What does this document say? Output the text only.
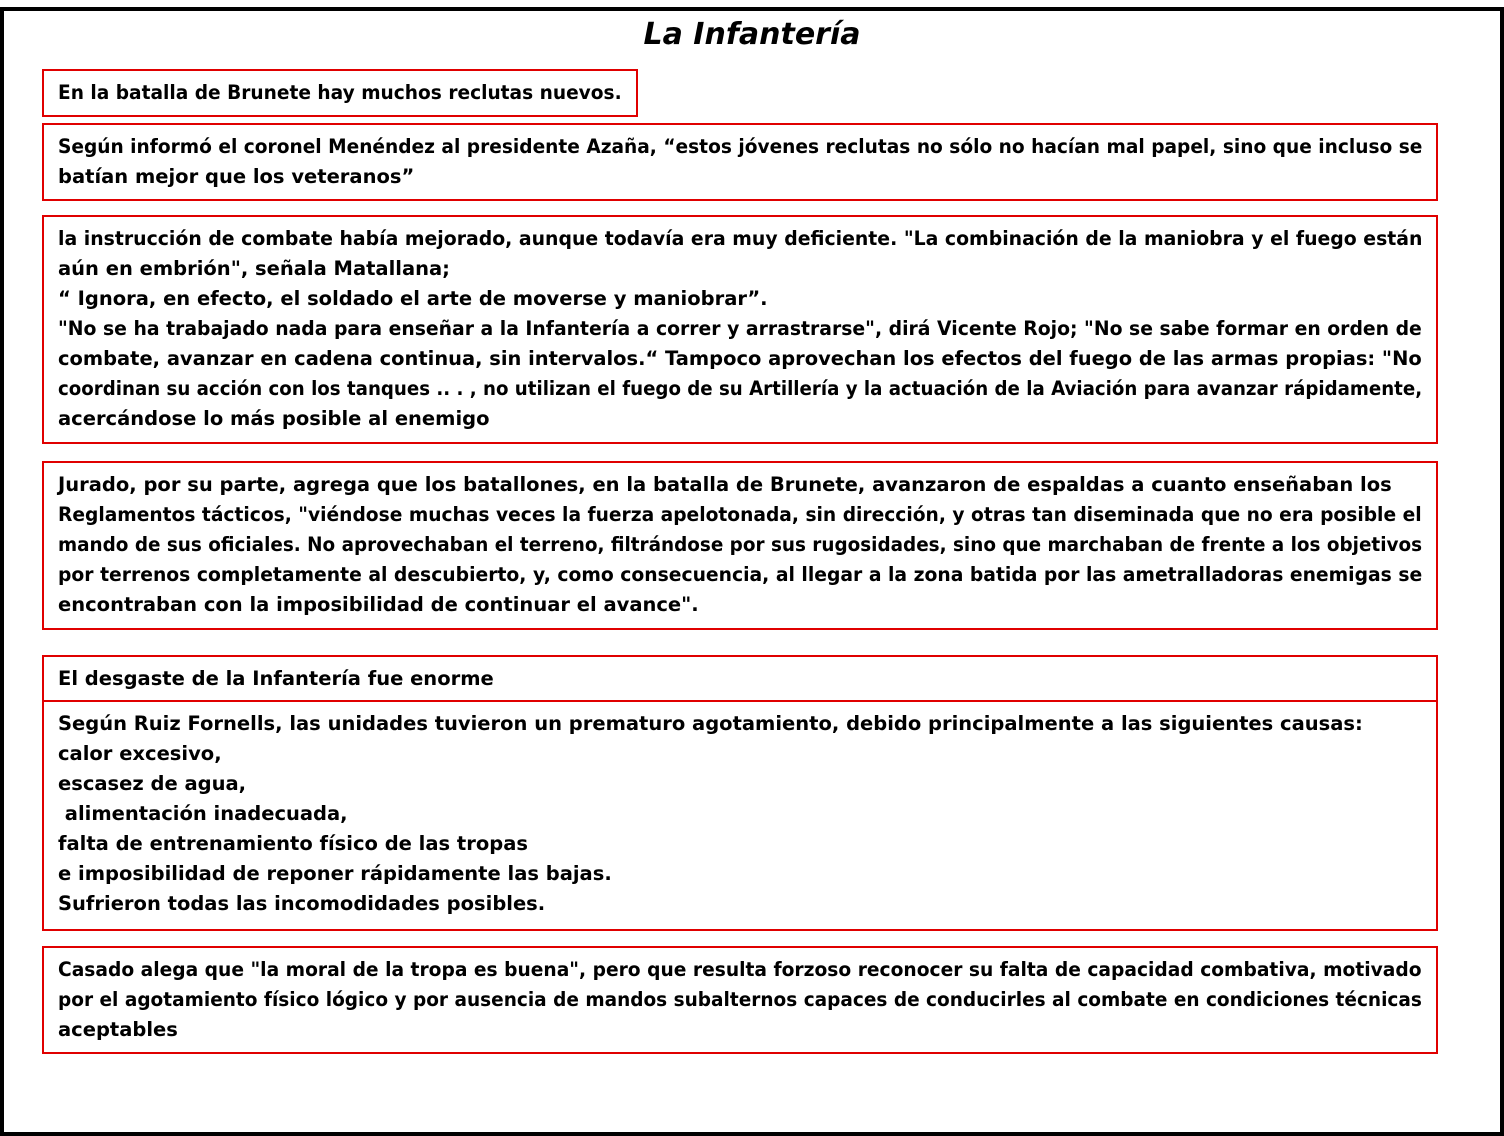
La Infantería
En la batalla de Brunete hay muchos reclutas nuevos.
Según informó el coronel Menéndez al presidente Azaña, “estos jóvenes reclutas no sólo no hacían mal papel, sino que incluso se
batían mejor que los veteranos”
la instrucción de combate había mejorado, aunque todavía era muy deficiente. "La combinación de la maniobra y el fuego están
aún en embrión", señala Matallana;
“ Ignora, en efecto, el soldado el arte de moverse y maniobrar”.
"No se ha trabajado nada para enseñar a la Infantería a correr y arrastrarse", dirá Vicente Rojo; "No se sabe formar en orden de
combate, avanzar en cadena continua, sin intervalos.“ Tampoco aprovechan los efectos del fuego de las armas propias: "No
coordinan su acción con los tanques .. . , no utilizan el fuego de su Artillería y la actuación de la Aviación para avanzar rápidamente,
acercándose lo más posible al enemigo
Jurado, por su parte, agrega que los batallones, en la batalla de Brunete, avanzaron de espaldas a cuanto enseñaban los
Reglamentos tácticos, "viéndose muchas veces la fuerza apelotonada, sin dirección, y otras tan diseminada que no era posible el
mando de sus oficiales. No aprovechaban el terreno, filtrándose por sus rugosidades, sino que marchaban de frente a los objetivos
por terrenos completamente al descubierto, y, como consecuencia, al llegar a la zona batida por las ametralladoras enemigas se
encontraban con la imposibilidad de continuar el avance".
El desgaste de la Infantería fue enorme
Según Ruiz Fornells, las unidades tuvieron un prematuro agotamiento, debido principalmente a las siguientes causas:
calor excesivo,
escasez de agua,
alimentación inadecuada,
falta de entrenamiento físico de las tropas
e imposibilidad de reponer rápidamente las bajas.
Sufrieron todas las incomodidades posibles.
Casado alega que "la moral de la tropa es buena", pero que resulta forzoso reconocer su falta de capacidad combativa, motivado
por el agotamiento físico lógico y por ausencia de mandos subalternos capaces de conducirles al combate en condiciones técnicas
aceptables
